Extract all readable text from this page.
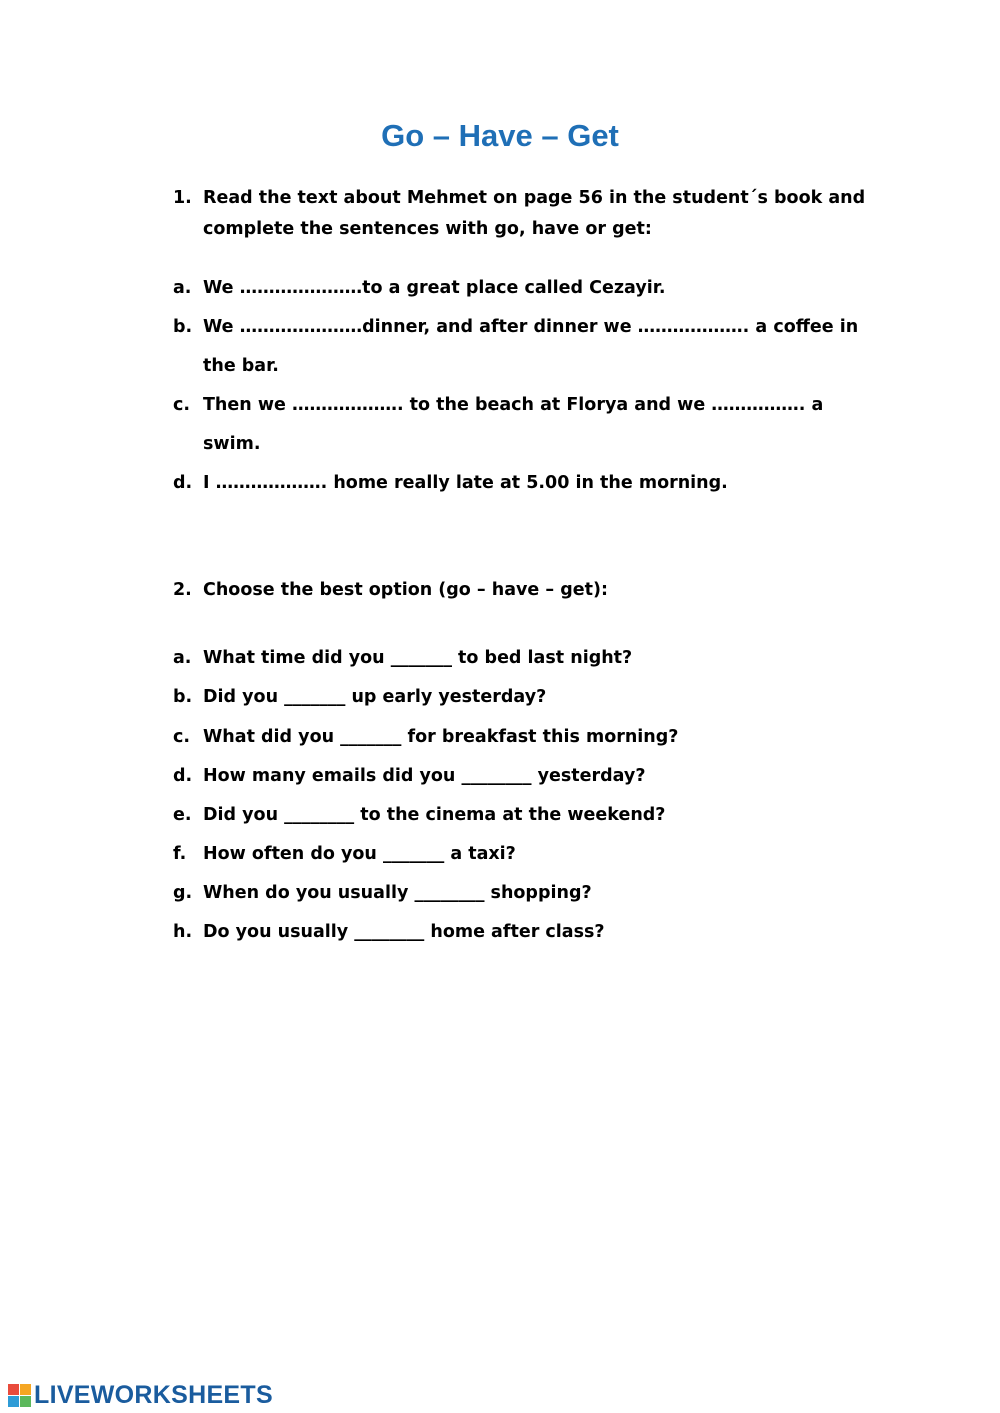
Go – Have – Get
1. Read the text about Mehmet on page 56 in the student´s book and complete the sentences with go, have or get:
a. We …………………to a great place called Cezayir.
b. We …………………dinner, and after dinner we ………………. a coffee in the bar.
c. Then we ………………. to the beach at Florya and we ……………. a swim.
d. I ………………. home really late at 5.00 in the morning.
2. Choose the best option (go – have – get):
a. What time did you _______ to bed last night?
b. Did you _______ up early yesterday?
c. What did you _______ for breakfast this morning?
d. How many emails did you ________ yesterday?
e. Did you ________ to the cinema at the weekend?
f. How often do you _______ a taxi?
g. When do you usually ________ shopping?
h. Do you usually ________ home after class?
LIVEWORKSHEETS
